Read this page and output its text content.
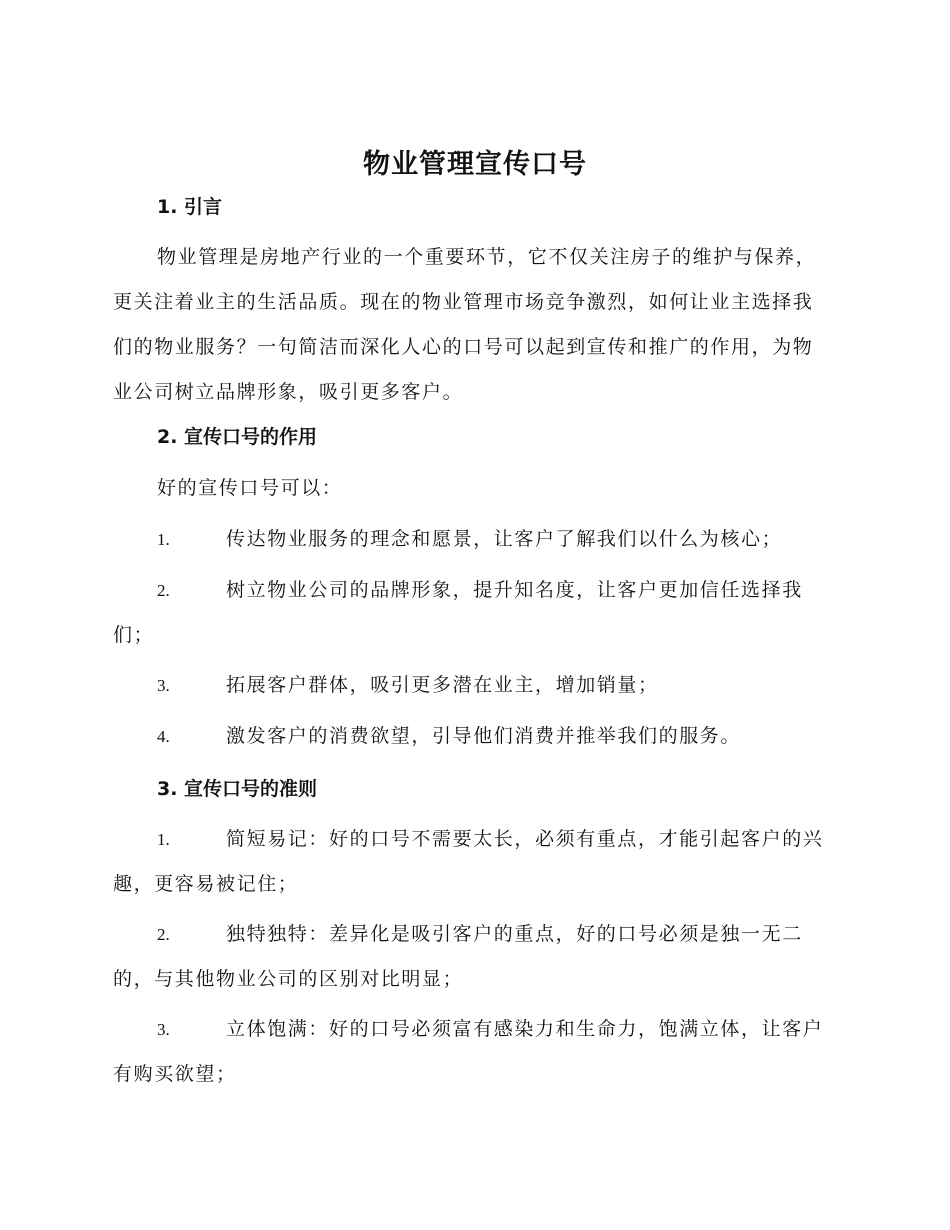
物业管理宣传口号
1. 引言

物业管理是房地产行业的一个重要环节，它不仅关注房子的维护与保养，更关注着业主的生活品质。现在的物业管理市场竞争激烈，如何让业主选择我们的物业服务？一句简洁而深化人心的口号可以起到宣传和推广的作用，为物业公司树立品牌形象，吸引更多客户。

2. 宣传口号的作用

好的宣传口号可以：

1.	传达物业服务的理念和愿景，让客户了解我们以什么为核心；
2.	树立物业公司的品牌形象，提升知名度，让客户更加信任选择我们；
3.	拓展客户群体，吸引更多潜在业主，增加销量；
4.	激发客户的消费欲望，引导他们消费并推举我们的服务。
3. 宣传口号的准则
1.	简短易记：好的口号不需要太长，必须有重点，才能引起客户的兴趣，更容易被记住；
2.	独特独特：差异化是吸引客户的重点，好的口号必须是独一无二的，与其他物业公司的区别对比明显；
3.	立体饱满：好的口号必须富有感染力和生命力，饱满立体，让客户有购买欲望；
